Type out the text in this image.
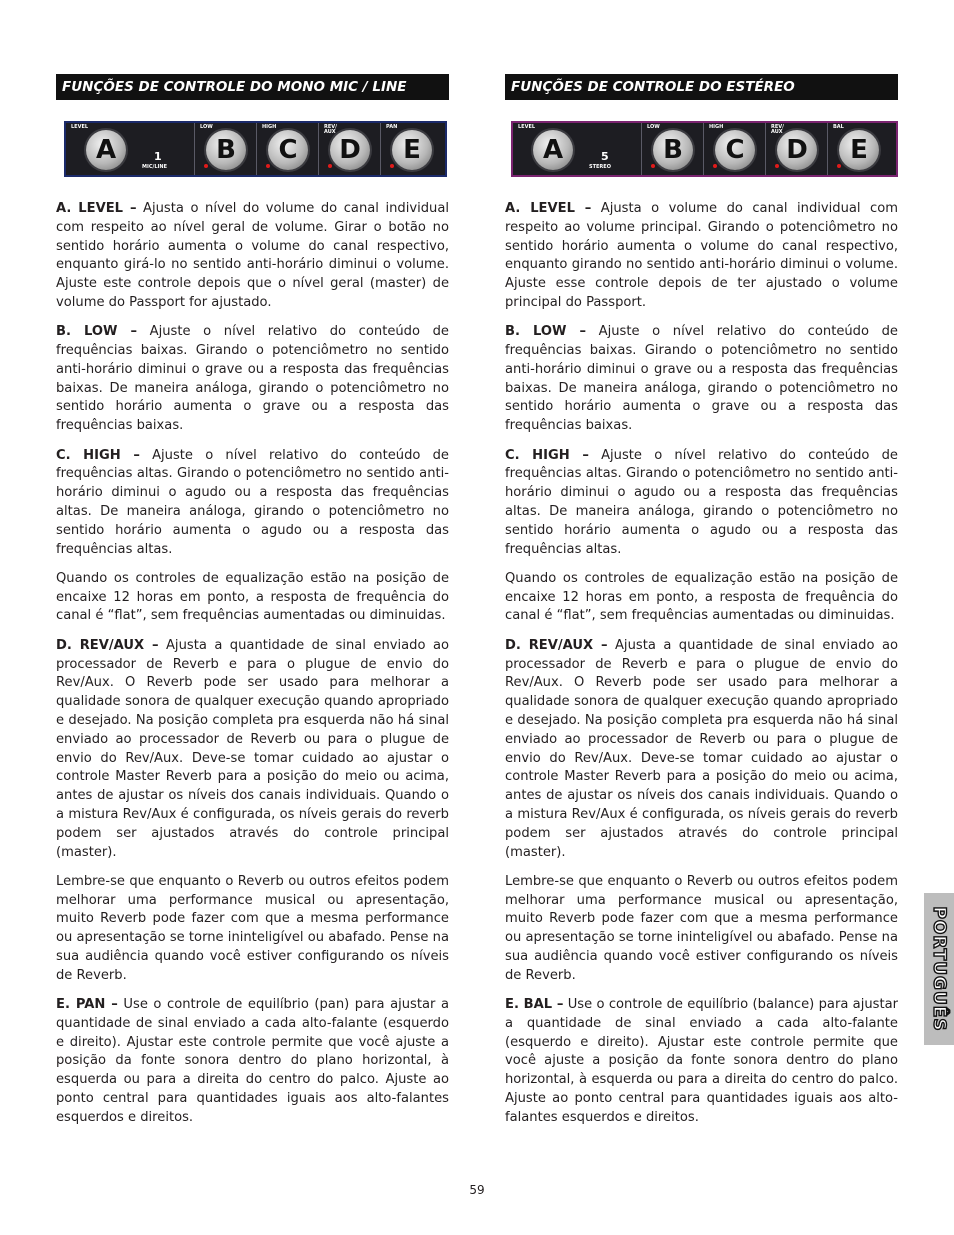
FUNÇÕES DE CONTROLE DO MONO MIC / LINE
LEVEL	LOW	HIGH	REV/
AUX
PAN
A	B	C	D	E
1
MIC/LINE

A. LEVEL – Ajusta o nível do volume do canal individual com respeito ao nível geral de volume. Girar o botão no sentido horário aumenta o volume do canal respectivo, enquanto girá-lo no sentido anti-horário diminui o volume. Ajuste este controle depois que o nível geral (master) de volume do Passport for ajustado.

B. LOW – Ajuste o nível relativo do conteúdo de frequências baixas. Girando o potenciômetro no sentido anti-horário diminui o grave ou a resposta das frequências baixas. De maneira análoga, girando o potenciômetro no sentido horário aumenta o grave ou a resposta das frequências baixas.

C. HIGH – Ajuste o nível relativo do conteúdo de frequências altas. Girando o potenciômetro no sentido anti-horário diminui o agudo ou a resposta das frequências altas. De maneira análoga, girando o potenciômetro no sentido horário aumenta o agudo ou a resposta das frequências altas.

Quando os controles de equalização estão na posição de encaixe 12 horas em ponto, a resposta de frequência do canal é “flat”, sem frequências aumentadas ou diminuidas.

D. REV/AUX – Ajusta a quantidade de sinal enviado ao processador de Reverb e para o plugue de envio do Rev/Aux. O Reverb pode ser usado para melhorar a qualidade sonora de qualquer execução quando apropriado e desejado. Na posição completa pra esquerda não há sinal enviado ao processador de Reverb ou para o plugue de envio do Rev/Aux. Deve-se tomar cuidado ao ajustar o controle Master Reverb para a posição do meio ou acima, antes de ajustar os níveis dos canais individuais. Quando o a mistura Rev/Aux é configurada, os níveis gerais do reverb podem ser ajustados através do controle principal (master).

Lembre-se que enquanto o Reverb ou outros efeitos podem melhorar uma performance musical ou apresentação, muito Reverb pode fazer com que a mesma performance ou apresentação se torne ininteligível ou abafado. Pense na sua audiência quando você estiver configurando os níveis de Reverb.

E. PAN – Use o controle de equilíbrio (pan) para ajustar a quantidade de sinal enviado a cada alto-falante (esquerdo e direito). Ajustar este controle permite que você ajuste a posição da fonte sonora dentro do plano horizontal, à esquerda ou para a direita do centro do palco. Ajuste ao ponto central para quantidades iguais aos alto-falantes esquerdos e direitos.

FUNÇÕES DE CONTROLE DO ESTÉREO
LEVEL	LOW	HIGH	REV/
AUX
BAL
A	B	C	D	E
5
STEREO

A. LEVEL – Ajusta o volume do canal individual com respeito ao volume principal. Girando o potenciômetro no sentido horário aumenta o volume do canal respectivo, enquanto girando no sentido anti-horário diminui o volume. Ajuste esse controle depois de ter ajustado o volume principal do Passport.

B. LOW – Ajuste o nível relativo do conteúdo de frequências baixas. Girando o potenciômetro no sentido anti-horário diminui o grave ou a resposta das frequências baixas. De maneira análoga, girando o potenciômetro no sentido horário aumenta o grave ou a resposta das frequências baixas.

C. HIGH – Ajuste o nível relativo do conteúdo de frequências altas. Girando o potenciômetro no sentido anti-horário diminui o agudo ou a resposta das frequências altas. De maneira análoga, girando o potenciômetro no sentido horário aumenta o agudo ou a resposta das frequências altas.

Quando os controles de equalização estão na posição de encaixe 12 horas em ponto, a resposta de frequência do canal é “flat”, sem frequências aumentadas ou diminuidas.

D. REV/AUX – Ajusta a quantidade de sinal enviado ao processador de Reverb e para o plugue de envio do Rev/Aux. O Reverb pode ser usado para melhorar a qualidade sonora de qualquer execução quando apropriado e desejado. Na posição completa pra esquerda não há sinal enviado ao processador de Reverb ou para o plugue de envio do Rev/Aux. Deve-se tomar cuidado ao ajustar o controle Master Reverb para a posição do meio ou acima, antes de ajustar os níveis dos canais individuais. Quando o a mistura Rev/Aux é configurada, os níveis gerais do reverb podem ser ajustados através do controle principal (master).

Lembre-se que enquanto o Reverb ou outros efeitos podem melhorar uma performance musical ou apresentação, muito Reverb pode fazer com que a mesma performance ou apresentação se torne ininteligível ou abafado. Pense na sua audiência quando você estiver configurando os níveis de Reverb.

E. BAL – Use o controle de equilíbrio (balance) para ajustar a quantidade de sinal enviado a cada alto-falante (esquerdo e direito). Ajustar este controle permite que você ajuste a posição da fonte sonora dentro do plano horizontal, à esquerda ou para a direita do centro do palco. Ajuste ao ponto central para quantidades iguais aos alto-falantes esquerdos e direitos.

PORTUGUÊS
59
